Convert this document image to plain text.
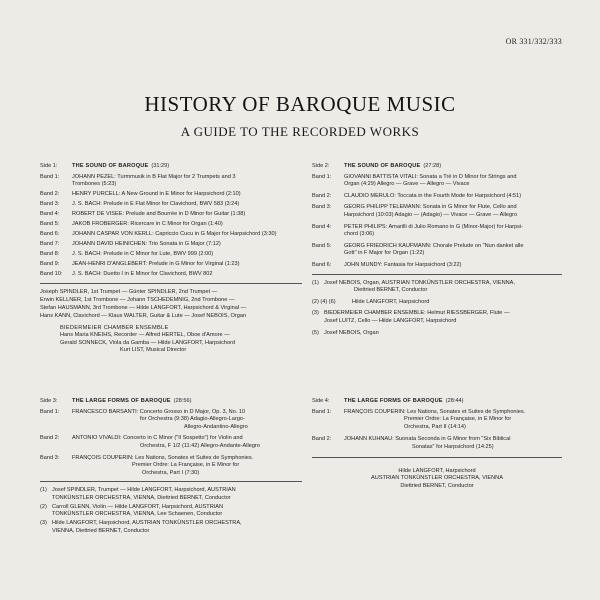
OR 331/332/333
HISTORY OF BAROQUE MUSIC
A GUIDE TO THE RECORDED WORKS
Side 1:	THE SOUND OF BAROQUE (31:29)
Band 1:	JOHANN PEZEL: Turmmusik in B Flat Major for 2 Trumpets and 3
Trombones (5:23)
Band 2:	HENRY PURCELL: A New Ground in E Minor for Harpsichord (2:10)
Band 3:	J. S. BACH: Prelude in E Flat Minor for Clavichord, BWV 583 (3:24)
Band 4:	ROBERT DE VISEE: Prelude and Bourrée in D Minor for Guitar (1:38)
Band 5:	JAKOB FROBERGER: Ricercare in C Minor for Organ (1:40)
Band 6:	JOHANN CASPAR VON KERLL: Capriccio Cucu in G Major for Harpsichord (3:30)
Band 7:	JOHANN DAVID HEINICHEN: Trio Sonata in G Major (7:12)
Band 8:	J. S. BACH: Prelude in C Minor for Lute, BWV 999 (2:00)
Band 9:	JEAN-HENRI D'ANGLEBERT: Prelude in G Minor for Virginal (1:23)
Band 10:	J. S. BACH: Duetto I in E Minor for Clavichord, BWV 802
Joseph SPINDLER, 1st Trumpet — Günter SPINDLER, 2nd Trumpet —
Erwin KELLNER, 1st Trombone — Johann TSCHEDEMNIG, 2nd Trombone —
Stefan HAUSMANN, 3rd Trombone — Hilde LANGFORT, Harpsichord & Virginal —
Hans KANN, Clavichord — Klaus WALTER, Guitar & Lute — Josef NEBOIS, Organ
BIEDERMEIER CHAMBER ENSEMBLE
Hans Maria KNEIHS, Recorder — Alfred HERTEL, Oboe d'Amore —
Gerald SONNECK, Viola da Gamba — Hilde LANGFORT, Harpsichord
Kurt LIST, Musical Director
Side 2:	THE SOUND OF BAROQUE (27:28)
Band 1:	GIOVANNI BATTISTA VITALI: Sonata a Trè in D Minor for Strings and
Organ (4:29) Allegro — Grave — Allegro — Vivace
Band 2:	CLAUDIO MERULO: Toccata in the Fourth Mode for Harpsichord (4:51)
Band 3:	GEORG PHILIPP TELEMANN: Sonata in G Minor for Flute, Cello and
Harpsichord (10:03) Adagio — (Adagio) — Vivace — Grave — Allegro
Band 4:	PETER PHILIPS: Amarilli di Julio Romano in G (Minor-Major) for Harpsi-
chord (3:06)
Band 5:	GEORG FRIEDRICH KAUFMANN: Chorale Prelude on "Nun danket alle
Gott" in F Major for Organ (1:22)
Band 6:	JOHN MUNDY: Fantasia for Harpsichord (3:22)
(1) Josef NEBOIS, Organ, AUSTRIAN TONKÜNSTLER ORCHESTRA, VIENNA,
Diettried BERNET, Conductor
(2) (4) (6)	Hilde LANGFORT, Harpsichord
(3) BIEDERMEIER CHAMBER ENSEMBLE: Helmut RIESSBERGER, Flute —
Josef LUITZ, Cello — Hilde LANGFORT, Harpsichord
(5) Josef NEBOIS, Organ
Side 3:	THE LARGE FORMS OF BAROQUE (28:56)
Band 1:	FRANCESCO BARSANTI: Concerto Grosso in D Major, Op. 3, No. 10
for Orchestra (9:38) Adagio-Allegro-Largo-
Allegro-Andantino-Allegro
Band 2:	ANTONIO VIVALDI: Concerto in C Minor ("Il Sospetto") for Violin and
Orchestra, F 1/2 (11:42) Allegro-Andante-Allegro
Band 3:	FRANÇOIS COUPERIN: Les Nations, Sonates et Suites de Symphonies.
Premier Ordre: La Française, in E Minor for
Orchestra, Part I (7:30)
(1) Josef SPINDLER, Trumpet — Hilde LANGFORT, Harpsichord, AUSTRIAN
TONKÜNSTLER ORCHESTRA, VIENNA, Diettried BERNET, Conductor
(2) Carroll GLENN, Violin — Hilde LANGFORT, Harpsichord, AUSTRIAN
TONKÜNSTLER ORCHESTRA, VIENNA, Lee Schaenen, Conductor
(3) Hilde LANGFORT, Harpsichord, AUSTRIAN TONKÜNSTLER ORCHESTRA,
VIENNA, Diettried BERNET, Conductor
Side 4:	THE LARGE FORMS OF BAROQUE (28:44)
Band 1:	FRANÇOIS COUPERIN: Les Nations, Sonates et Suites de Symphonies.
Premier Ordre: La Française, in E Minor for
Orchestra, Part II (14:14)
Band 2:	JOHANN KUHNAU: Suonata Seconda in G Minor from "Six Biblical
Sonatas" for Harpsichord (14:25)
Hilde LANGFORT, Harpsichord
AUSTRIAN TONKÜNSTLER ORCHESTRA, VIENNA
Diettried BERNET, Conductor
